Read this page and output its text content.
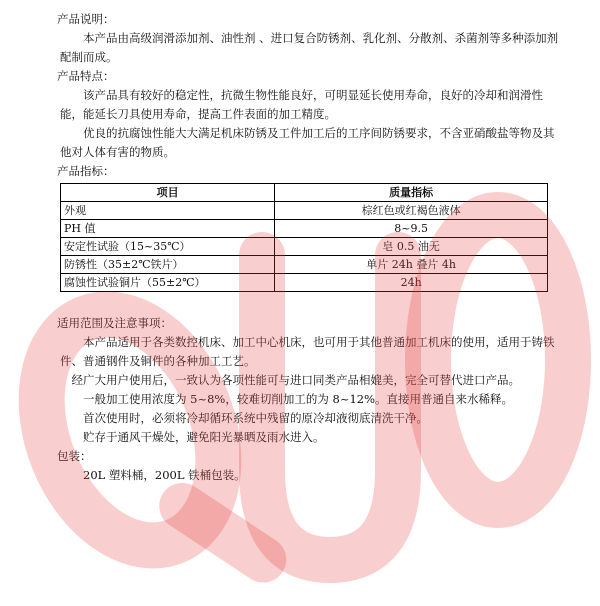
产品说明：

本产品由高级润滑添加剂、油性剂 、进口复合防锈剂、乳化剂、分散剂、杀菌剂等多种添加剂配制而成。

产品特点：

该产品具有较好的稳定性，抗微生物性能良好，可明显延长使用寿命，良好的冷却和润滑性能，能延长刀具使用寿命，提高工件表面的加工精度。

优良的抗腐蚀性能大大满足机床防锈及工件加工后的工序间防锈要求，不含亚硝酸盐等物及其他对人体有害的物质。

产品指标：

项目	质量指标
外观	棕红色或红褐色液体
PH 值	8~9.5
安定性试验（15~35℃）	皂 0.5 油无
防锈性（35±2℃铁片）	单片 24h 叠片 4h
腐蚀性试验铜片（55±2℃）	24h

适用范围及注意事项：

本产品适用于各类数控机床、加工中心机床，也可用于其他普通加工机床的使用，适用于铸铁件、普通钢件及铜件的各种加工工艺。

经广大用户使用后，一致认为各项性能可与进口同类产品相媲美，完全可替代进口产品。

一般加工使用浓度为 5~8%，较难切削加工的为 8~12%。直接用普通自来水稀释。

首次使用时，必须将冷却循环系统中残留的原冷却液彻底清洗干净。

贮存于通风干燥处，避免阳光暴晒及雨水进入。

包装：

20L 塑料桶，200L 铁桶包装。
